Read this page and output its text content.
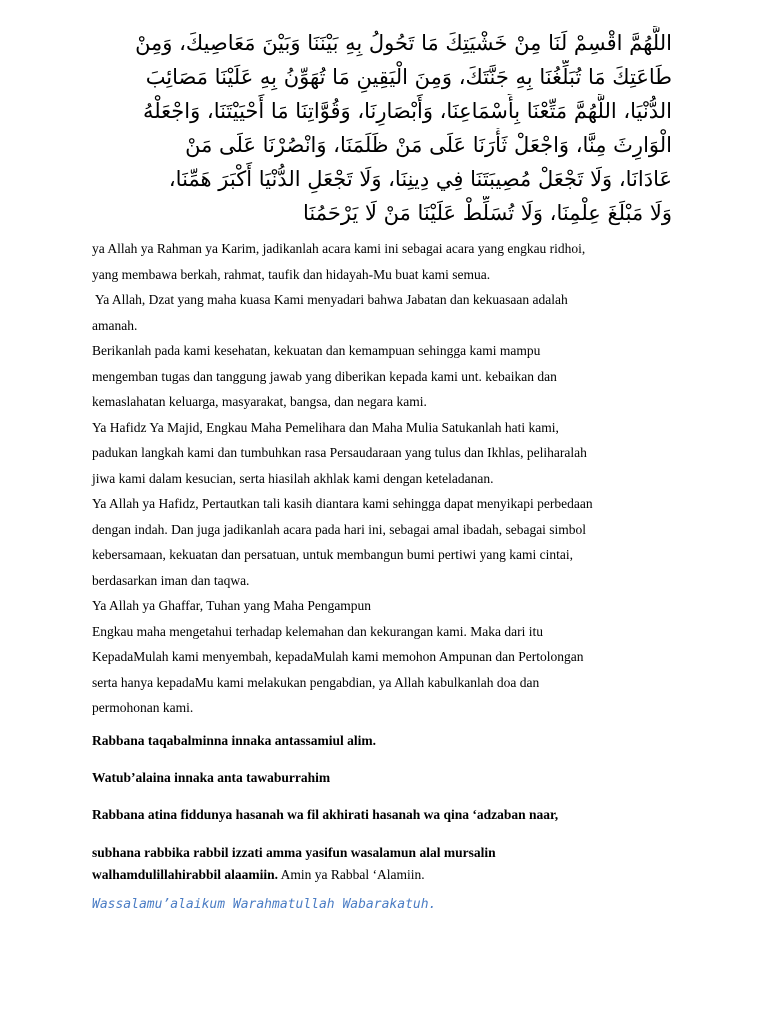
اللَّهُمَّ اقْسِمْ لَنَا مِنْ خَشْيَتِكَ مَا تَحُولُ بِهِ بَيْنَنَا وَبَيْنَ مَعَاصِيكَ، وَمِنْ
طَاعَتِكَ مَا تُبَلِّغُنَا بِهِ جَنَّتَكَ، وَمِنَ الْيَقِينِ مَا تُهَوِّنُ بِهِ عَلَيْنَا مَصَائِبَ
الدُّنْيَا، اللَّهُمَّ مَتِّعْنَا بِأَسْمَاعِنَا، وَأَبْصَارِنَا، وَقُوَّاتِنَا مَا أَحْيَيْتَنَا، وَاجْعَلْهُ
الْوَارِثَ مِنَّا، وَاجْعَلْ ثَأْرَنَا عَلَى مَنْ ظَلَمَنَا، وَانْصُرْنَا عَلَى مَنْ
عَادَانَا، وَلَا تَجْعَلْ مُصِيبَتَنَا فِي دِينِنَا، وَلَا تَجْعَلِ الدُّنْيَا أَكْبَرَ هَمِّنَا،
وَلَا مَبْلَغَ عِلْمِنَا، وَلَا تُسَلِّطْ عَلَيْنَا مَنْ لَا يَرْحَمُنَا
ya Allah ya Rahman ya Karim, jadikanlah acara kami ini sebagai acara yang engkau ridhoi,
yang membawa berkah, rahmat, taufik dan hidayah-Mu buat kami semua.
Ya Allah, Dzat yang maha kuasa Kami menyadari bahwa Jabatan dan kekuasaan adalah
amanah.
Berikanlah pada kami kesehatan, kekuatan dan kemampuan sehingga kami mampu
mengemban tugas dan tanggung jawab yang diberikan kepada kami unt. kebaikan dan
kemaslahatan keluarga, masyarakat, bangsa, dan negara kami.
Ya Hafidz Ya Majid, Engkau Maha Pemelihara dan Maha Mulia Satukanlah hati kami,
padukan langkah kami dan tumbuhkan rasa Persaudaraan yang tulus dan Ikhlas, peliharalah
jiwa kami dalam kesucian, serta hiasilah akhlak kami dengan keteladanan.
Ya Allah ya Hafidz, Pertautkan tali kasih diantara kami sehingga dapat menyikapi perbedaan
dengan indah. Dan juga jadikanlah acara pada hari ini, sebagai amal ibadah, sebagai simbol
kebersamaan, kekuatan dan persatuan, untuk membangun bumi pertiwi yang kami cintai,
berdasarkan iman dan taqwa.
Ya Allah ya Ghaffar, Tuhan yang Maha Pengampun
Engkau maha mengetahui terhadap kelemahan dan kekurangan kami. Maka dari itu
KepadaMulah kami menyembah, kepadaMulah kami memohon Ampunan dan Pertolongan
serta hanya kepadaMu kami melakukan pengabdian, ya Allah kabulkanlah doa dan
permohonan kami.
Rabbana taqabalminna innaka antassamiul alim.
Watub’alaina innaka anta tawaburrahim
Rabbana atina fiddunya hasanah wa fil akhirati hasanah wa qina ‘adzaban naar,
subhana rabbika rabbil izzati amma yasifun wasalamun alal mursalin
walhamdulillahirabbil alaamiin. Amin ya Rabbal ‘Alamiin.
Wassalamu’alaikum Warahmatullah Wabarakatuh.
